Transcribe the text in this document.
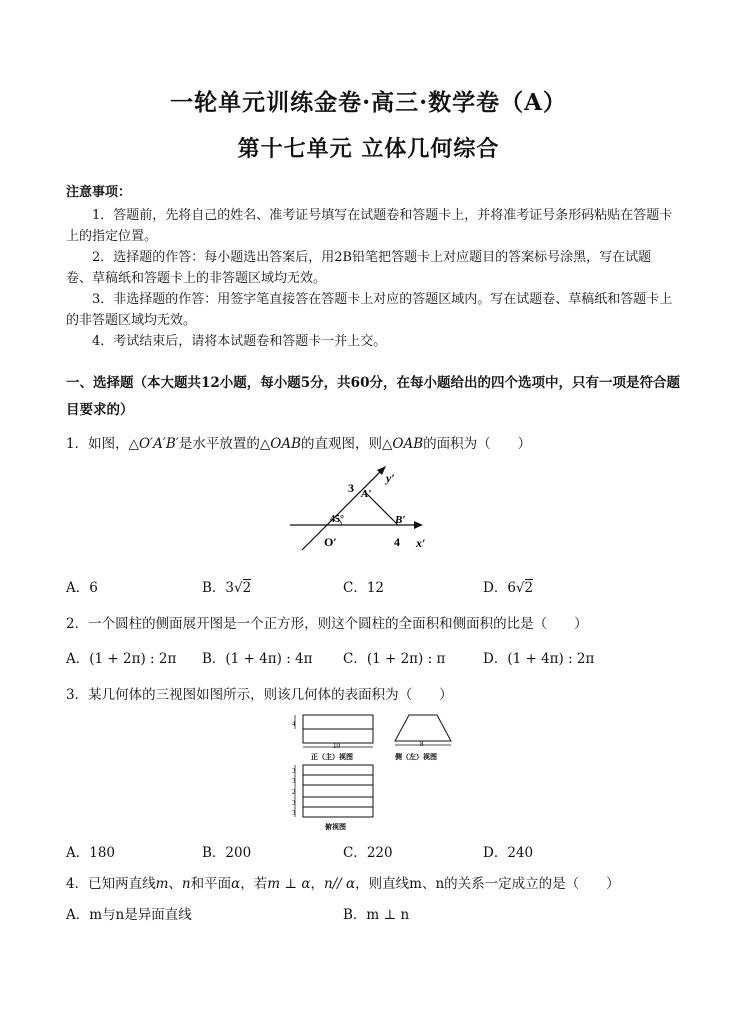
一轮单元训练金卷·高三·数学卷（A）
第十七单元 立体几何综合
注意事项：
1．答题前，先将自己的姓名、准考证号填写在试题卷和答题卡上，并将准考证号条形码粘贴在答题卡上的指定位置。
2．选择题的作答：每小题选出答案后，用2B铅笔把答题卡上对应题目的答案标号涂黑，写在试题卷、草稿纸和答题卡上的非答题区域均无效。
3．非选择题的作答：用签字笔直接答在答题卡上对应的答题区域内。写在试题卷、草稿纸和答题卡上的非答题区域均无效。
4．考试结束后，请将本试题卷和答题卡一并上交。
一、选择题（本大题共12小题，每小题5分，共60分，在每小题给出的四个选项中，只有一项是符合题目要求的）
1．如图，△O′A′B′是水平放置的△OAB的直观图，则△OAB的面积为（　　）
y′
3 A′
45°	B′
O′	4 x′
A．6	B．3√2	C．12	D．6√2
2．一个圆柱的侧面展开图是一个正方形，则这个圆柱的全面积和侧面积的比是（　　）
A．(1 + 2π) : 2π B．(1 + 4π) : 4π C．(1 + 2π) : π	D．(1 + 4π) : 2π
3．某几何体的三视图如图所示，则该几何体的表面积为（　　）
4
10
正（主）视图
8
侧（左）视图
3
3
2
3
3
俯视图
A．180	B．200	C．220	D．240
4．已知两直线m、n和平面α，若m ⊥ α，n// α，则直线m、n的关系一定成立的是（　　）
A．m与n是异面直线	B．m ⊥ n
